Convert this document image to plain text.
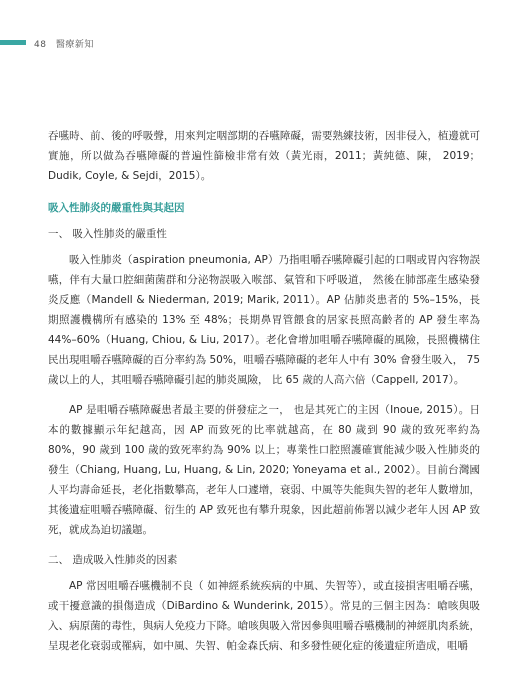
48 醫療新知

吞嚥時、前、後的呼吸聲，用來判定咽部期的吞嚥障礙，需要熟練技術，因非侵入，植邊就可實施，所以做為吞嚥障礙的普遍性篩檢非常有效（黃光雨，2011；黃純德、陳， 2019；Dudik, Coyle, & Sejdi，2015）。

吸入性肺炎的嚴重性與其起因
一、 吸入性肺炎的嚴重性

吸入性肺炎（aspiration pneumonia, AP）乃指咀嚼吞嚥障礙引起的口咽或胃內容物誤嚥，伴有大量口腔細菌菌群和分泌物誤吸入喉部、氣管和下呼吸道， 然後在肺部產生感染發炎反應（Mandell & Niederman, 2019; Marik, 2011）。AP 佔肺炎患者的 5%–15%，長期照護機構所有感染的 13% 至 48%；長期鼻胃管餵食的居家長照高齡者的 AP 發生率為 44%–60%（Huang, Chiou, & Liu, 2017）。老化會增加咀嚼吞嚥障礙的風險，長照機構住民出現咀嚼吞嚥障礙的百分率約為 50%，咀嚼吞嚥障礙的老年人中有 30% 會發生吸入， 75 歲以上的人，其咀嚼吞嚥障礙引起的肺炎風險， 比 65 歲的人高六倍（Cappell, 2017）。

AP 是咀嚼吞嚥障礙患者最主要的併發症之一， 也是其死亡的主因（Inoue, 2015）。日本的數據顯示年紀越高，因 AP 而致死的比率就越高，在 80 歲到 90 歲的致死率約為 80%，90 歲到 100 歲的致死率約為 90% 以上；專業性口腔照護確實能減少吸入性肺炎的發生（Chiang, Huang, Lu, Huang, & Lin, 2020; Yoneyama et al., 2002）。目前台灣國人平均壽命延長，老化指數攀高，老年人口遽增，衰弱、中風等失能與失智的老年人數增加，其後遺症咀嚼吞嚥障礙、衍生的 AP 致死也有攀升現象，因此超前佈署以減少老年人因 AP 致死，就成為迫切議題。

二、 造成吸入性肺炎的因素

AP 常因咀嚼吞嚥機制不良（ 如神經系統疾病的中風、失智等），或直接損害咀嚼吞嚥，或干擾意識的損傷造成（DiBardino & Wunderink, 2015）。常見的三個主因為：嗆咳與吸入、病原菌的毒性，與病人免疫力下降。嗆咳與吸入常因參與咀嚼吞嚥機制的神經肌肉系統，呈現老化衰弱或罹病，如中風、失智、帕金森氏病、和多發性硬化症的後遺症所造成，咀嚼
